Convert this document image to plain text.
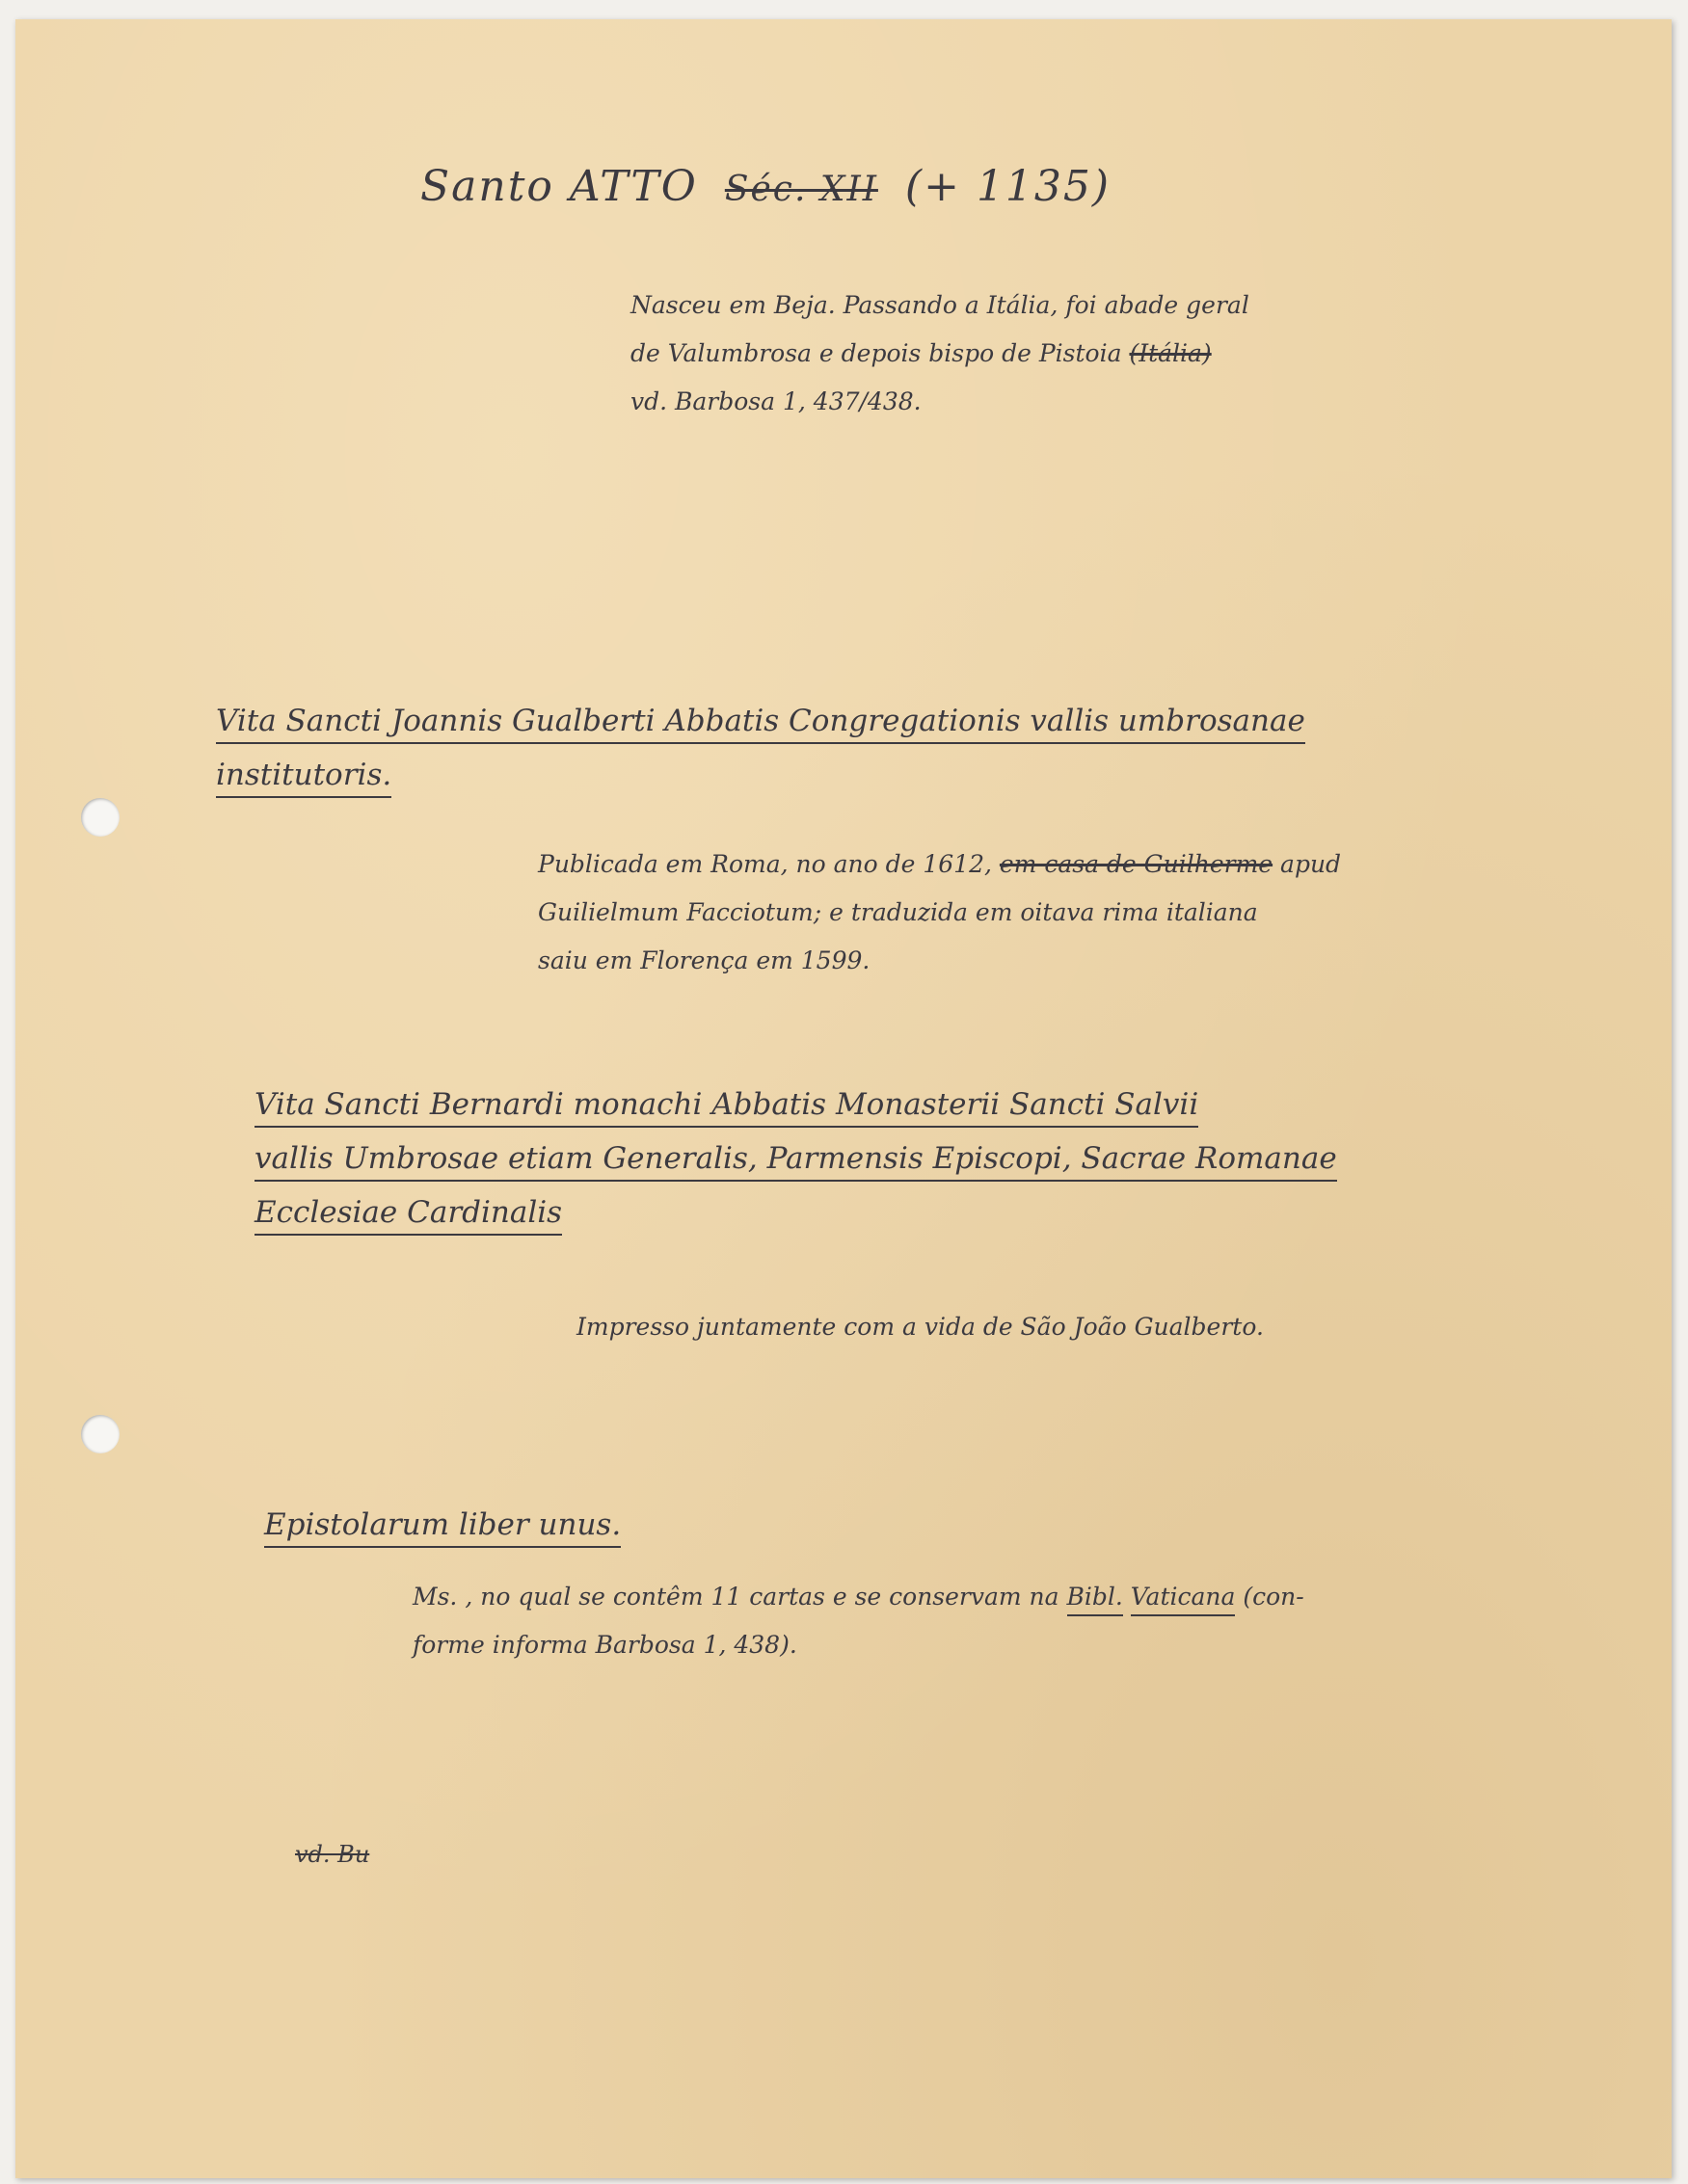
Santo ATTO Séc. XII (+ 1135)
Nasceu em Beja. Passando a Itália, foi abade geral
de Valumbrosa e depois bispo de Pistoia (Itália)
vd. Barbosa 1, 437/438.
Vita Sancti Joannis Gualberti Abbatis Congregationis vallis umbrosanae
institutoris.
Publicada em Roma, no ano de 1612, em casa de Guilherme apud
Guilielmum Facciotum; e traduzida em oitava rima italiana
saiu em Florença em 1599.
Vita Sancti Bernardi monachi Abbatis Monasterii Sancti Salvii
vallis Umbrosae etiam Generalis, Parmensis Episcopi, Sacrae Romanae
Ecclesiae Cardinalis
Impresso juntamente com a vida de São João Gualberto.
Epistolarum liber unus.
Ms. , no qual se contêm 11 cartas e se conservam na Bibl. Vaticana (con-
forme informa Barbosa 1, 438).
vd. Bu
